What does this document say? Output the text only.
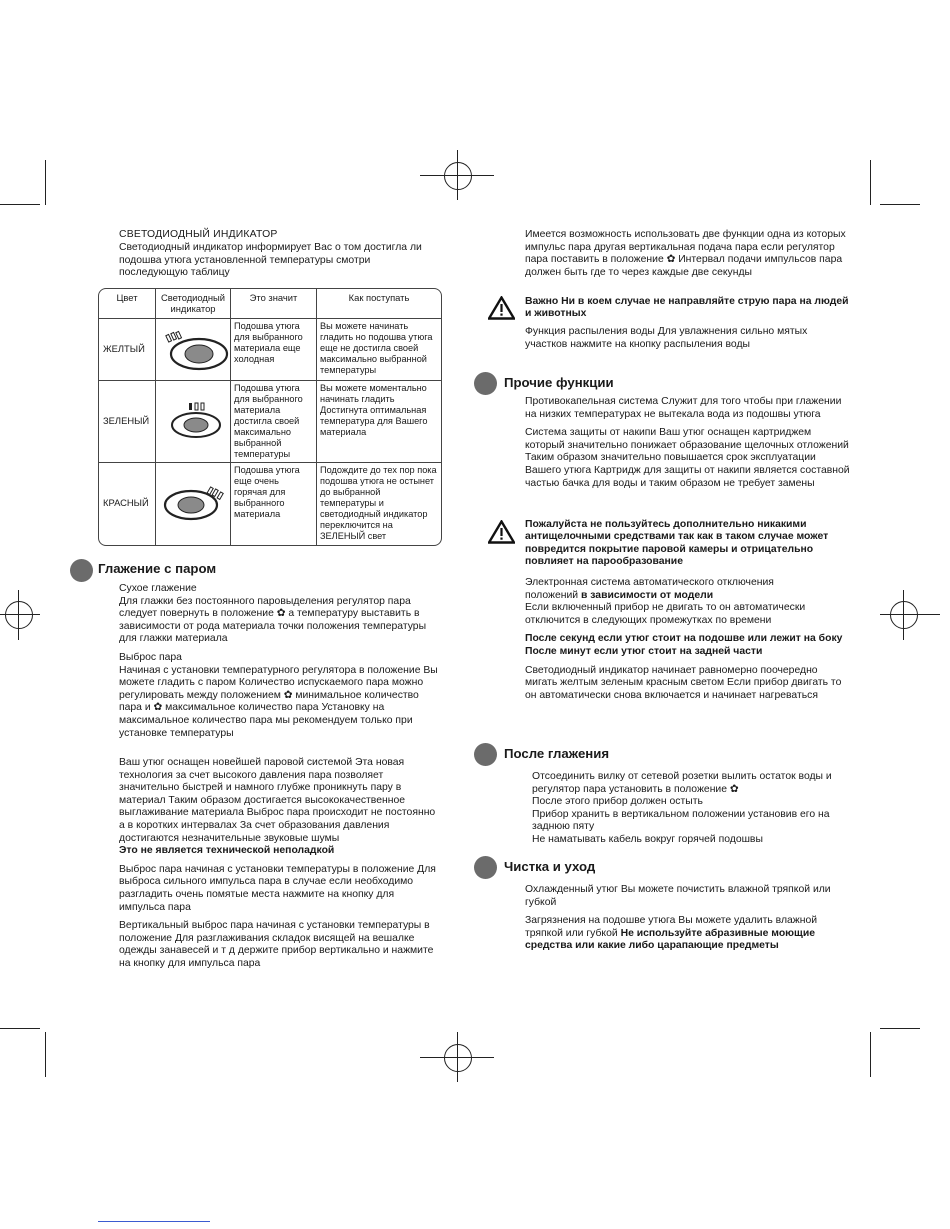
СВЕТОДИОДНЫЙ ИНДИКАТОР
Светодиодный индикатор информирует Вас о том достигла ли подошва утюга установленной температуры смотри последующую таблицу
Цвет	Светодиодный индикатор
Это значит	Как поступать
ЖЕЛТЫЙ
Подошва утюга для выбранного материала еще холодная
Вы можете начинать гладить но подошва утюга еще не достигла своей максимально выбранной температуры
ЗЕЛЕНЫЙ
Подошва утюга для выбранного материала достигла своей максимально выбранной температуры
Вы можете моментально начинать гладить Достигнута оптимальная температура для Вашего материала
КРАСНЫЙ
Подошва утюга еще очень горячая для выбранного материала
Подождите до тех пор пока подошва утюга не остынет до выбранной температуры и светодиодный индикатор переключится на ЗЕЛЕНЫЙ свет
Глажение с паром

Сухое глажение

Для глажки без постоянного паровыделения регулятор пара следует повернуть в положение ✿ а температуру выставить в зависимости от рода материала точки положения температуры для глажки материала

Выброс пара

Начиная с установки температурного регулятора в положение Вы можете гладить с паром Количество испускаемого пара можно регулировать между положением ✿ минимальное количество пара и ✿ максимальное количество пара Установку на максимальное количество пара мы рекомендуем только при установке температуры

Ваш утюг оснащен новейшей паровой системой Эта новая технология за счет высокого давления пара позволяет значительно быстрей и намного глубже проникнуть пару в материал Таким образом достигается высококачественное выглаживание материала Выброс пара происходит не постоянно а в коротких интервалах За счет образования давления достигаются незначительные звуковые шумы

Это не является технической неполадкой

Выброс пара начиная с установки температуры в положение Для выброса сильного импульса пара в случае если необходимо разгладить очень помятые места нажмите на кнопку для импульса пара

Вертикальный выброс пара начиная с установки температуры в положение Для разглаживания складок висящей на вешалке одежды занавесей и т д держите прибор вертикально и нажмите на кнопку для импульса пара

Имеется возможность использовать две функции одна из которых импульс пара другая вертикальная подача пара если регулятор пара поставить в положение ✿ Интервал подачи импульсов пара должен быть где то через каждые две секунды
Важно Ни в коем случае не направляйте струю пара на людей и животных
Функция распыления воды Для увлажнения сильно мятых участков нажмите на кнопку распыления воды
Прочие функции

Противокапельная система Служит для того чтобы при глажении на низких температурах не вытекала вода из подошвы утюга

Система защиты от накипи Ваш утюг оснащен картриджем который значительно понижает образование щелочных отложений Таким образом значительно повышается срок эксплуатации Вашего утюга Картридж для защиты от накипи является составной частью бачка для воды и таким образом не требует замены

Пожалуйста не пользуйтесь дополнительно никакими антищелочными средствами так как в таком случае может повредится покрытие паровой камеры и отрицательно повлияет на парообразование

Электронная система автоматического отключения

положений в зависимости от модели

Если включенный прибор не двигать то он автоматически отключится в следующих промежутках по времени

После секунд если утюг стоит на подошве или лежит на боку

После минут если утюг стоит на задней части

Светодиодный индикатор начинает равномерно поочередно мигать желтым зеленым красным светом Если прибор двигать то он автоматически снова включается и начинает нагреваться

После глажения

Отсоединить вилку от сетевой розетки вылить остаток воды и регулятор пара установить в положение ✿

После этого прибор должен остыть

Прибор хранить в вертикальном положении установив его на заднюю пяту

Не наматывать кабель вокруг горячей подошвы

Чистка и уход

Охлажденный утюг Вы можете почистить влажной тряпкой или губкой

Загрязнения на подошве утюга Вы можете удалить влажной тряпкой или губкой Не используйте абразивные моющие средства или какие либо царапающие предметы
